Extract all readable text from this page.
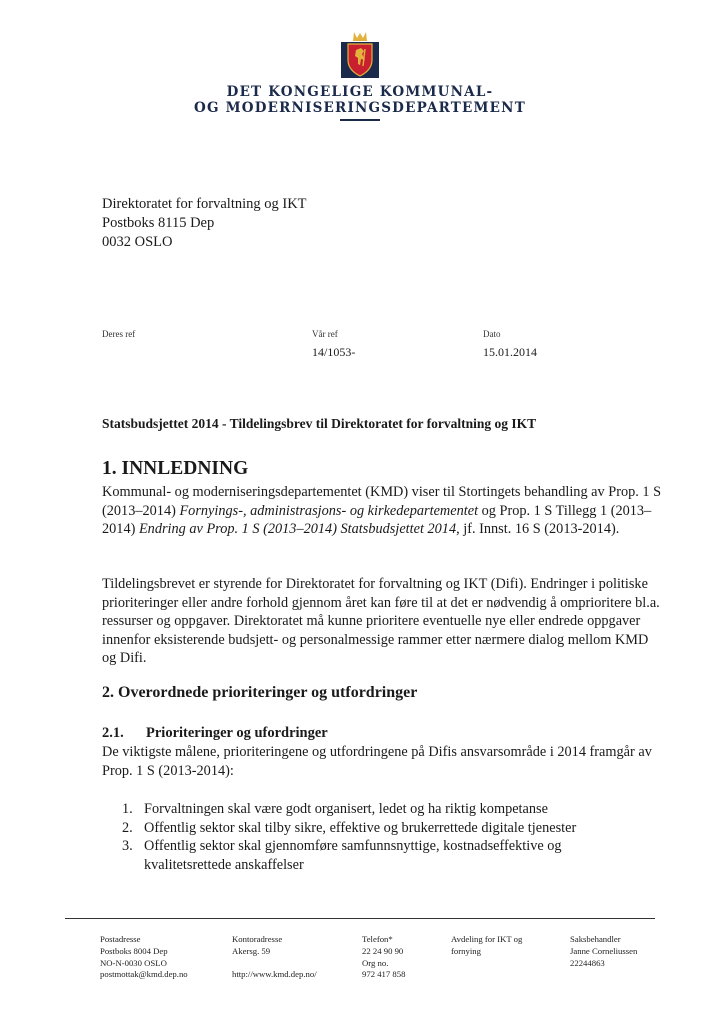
DET KONGELIGE KOMMUNAL-
OG MODERNISERINGSDEPARTEMENT
Direktoratet for forvaltning og IKT
Postboks 8115 Dep
0032 OSLO
Deres ref	Vår ref
14/1053-
Dato
15.01.2014
Statsbudsjettet 2014 - Tildelingsbrev til Direktoratet for forvaltning og IKT
1. INNLEDNING

Kommunal- og moderniseringsdepartementet (KMD) viser til Stortingets behandling av Prop. 1 S (2013–2014) Fornyings-, administrasjons- og kirkedepartementet og Prop. 1 S Tillegg 1 (2013–2014) Endring av Prop. 1 S (2013–2014) Statsbudsjettet 2014, jf. Innst. 16 S (2013-2014).

Tildelingsbrevet er styrende for Direktoratet for forvaltning og IKT (Difi). Endringer i politiske prioriteringer eller andre forhold gjennom året kan føre til at det er nødvendig å omprioritere bl.a. ressurser og oppgaver. Direktoratet må kunne prioritere eventuelle nye eller endrede oppgaver innenfor eksisterende budsjett- og personalmessige rammer etter nærmere dialog mellom KMD og Difi.

2. Overordnede prioriteringer og utfordringer
2.1. Prioriteringer og ufordringer

De viktigste målene, prioriteringene og utfordringene på Difis ansvarsområde i 2014 framgår av Prop. 1 S (2013-2014):

1. Forvaltningen skal være godt organisert, ledet og ha riktig kompetanse
2. Offentlig sektor skal tilby sikre, effektive og brukerrettede digitale tjenester
3. Offentlig sektor skal gjennomføre samfunnsnyttige, kostnadseffektive og kvalitetsrettede anskaffelser
Postadresse
Postboks 8004 Dep
NO-N-0030 OSLO
postmottak@kmd.dep.no
Kontoradresse
Akersg. 59
http://www.kmd.dep.no/
Telefon*
22 24 90 90
Org no.
972 417 858
Avdeling for IKT og
fornying
Saksbehandler
Janne Corneliussen
22244863
